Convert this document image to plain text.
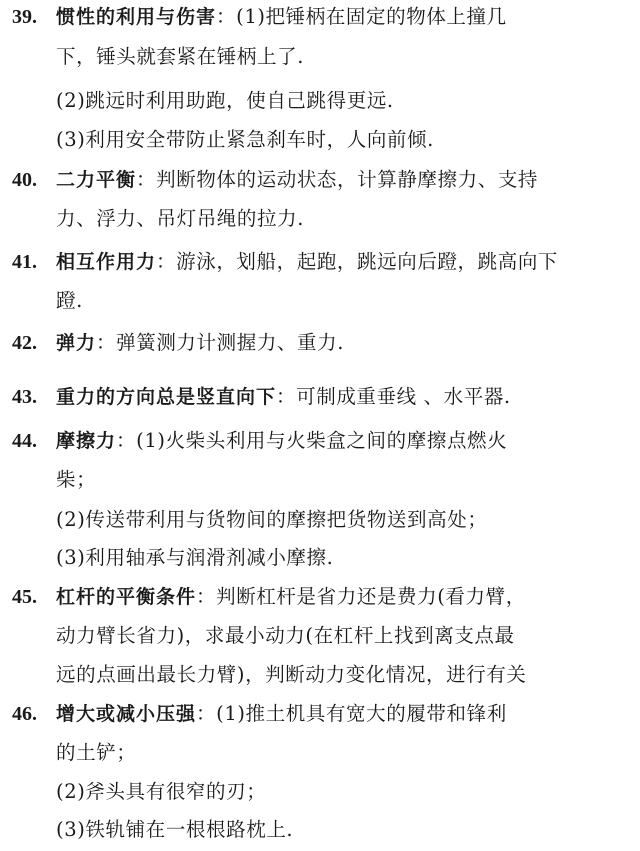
39. 惯性的利用与伤害：(1)把锤柄在固定的物体上撞几
下，锤头就套紧在锤柄上了.
(2)跳远时利用助跑，使自己跳得更远.
(3)利用安全带防止紧急刹车时，人向前倾.
40. 二力平衡：判断物体的运动状态，计算静摩擦力、支持
力、浮力、吊灯吊绳的拉力.
41. 相互作用力：游泳，划船，起跑，跳远向后蹬，跳高向下
蹬.
42. 弹力：弹簧测力计测握力、重力.
43. 重力的方向总是竖直向下：可制成重垂线 、水平器.
44. 摩擦力：(1)火柴头利用与火柴盒之间的摩擦点燃火
柴；
(2)传送带利用与货物间的摩擦把货物送到高处；
(3)利用轴承与润滑剂减小摩擦.
45. 杠杆的平衡条件：判断杠杆是省力还是费力(看力臂，
动力臂长省力)，求最小动力(在杠杆上找到离支点最
远的点画出最长力臂)，判断动力变化情况，进行有关
46. 增大或减小压强：(1)推土机具有宽大的履带和锋利
的土铲；
(2)斧头具有很窄的刃；
(3)铁轨铺在一根根路枕上.
